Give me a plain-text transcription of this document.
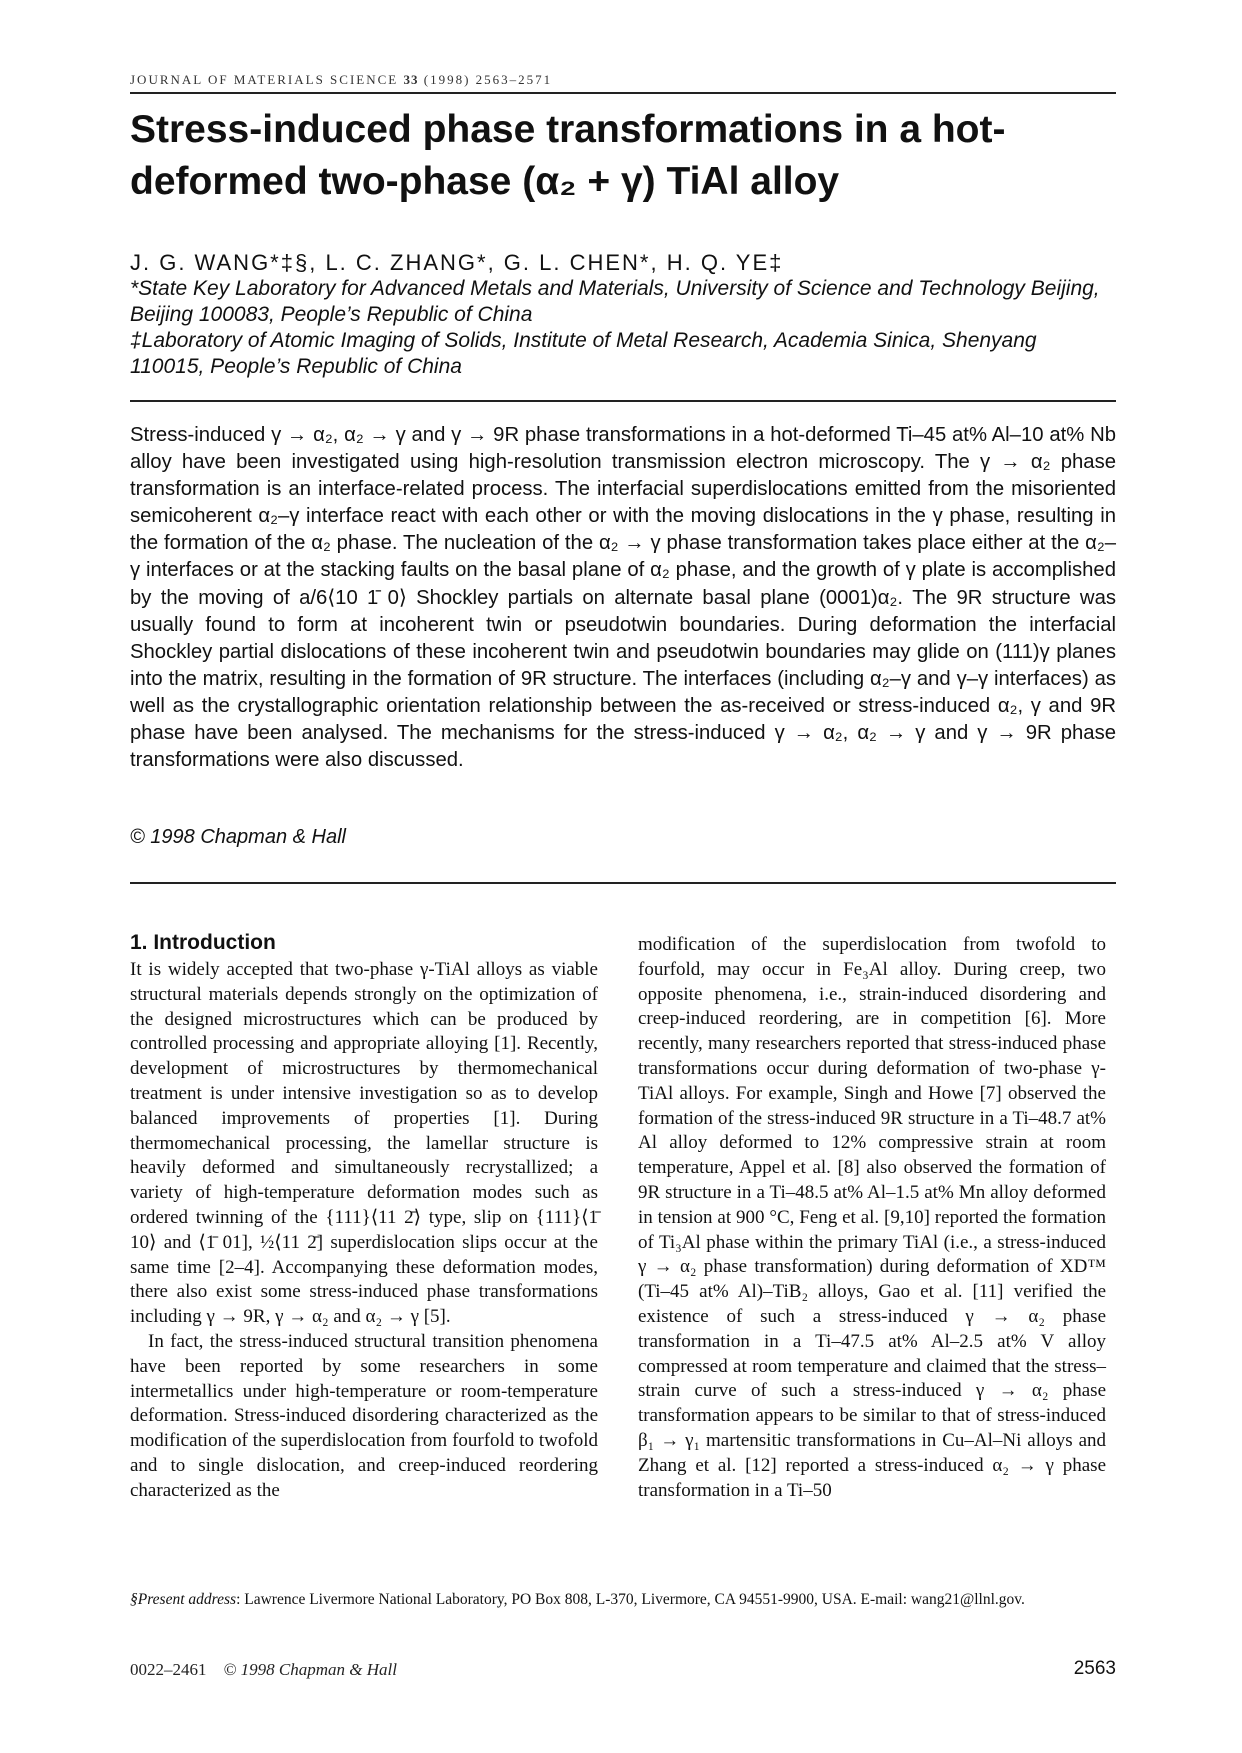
JOURNAL OF MATERIALS SCIENCE 33 (1998) 2563–2571
Stress-induced phase transformations in a hot-
deformed two-phase (α₂ + γ) TiAl alloy
J. G. WANG*‡§, L. C. ZHANG*, G. L. CHEN*, H. Q. YE‡
*State Key Laboratory for Advanced Metals and Materials, University of Science and Technology Beijing, Beijing 100083, People’s Republic of China
‡Laboratory of Atomic Imaging of Solids, Institute of Metal Research, Academia Sinica, Shenyang 110015, People’s Republic of China

Stress-induced γ → α₂, α₂ → γ and γ → 9R phase transformations in a hot-deformed Ti–45 at% Al–10 at% Nb alloy have been investigated using high-resolution transmission electron microscopy. The γ → α₂ phase transformation is an interface-related process. The interfacial superdislocations emitted from the misoriented semicoherent α₂–γ interface react with each other or with the moving dislocations in the γ phase, resulting in the formation of the α₂ phase. The nucleation of the α₂ → γ phase transformation takes place either at the α₂–γ interfaces or at the stacking faults on the basal plane of α₂ phase, and the growth of γ plate is accomplished by the moving of a/6⟨10 1̄ 0⟩ Shockley partials on alternate basal plane (0001)α₂. The 9R structure was usually found to form at incoherent twin or pseudotwin boundaries. During deformation the interfacial Shockley partial dislocations of these incoherent twin and pseudotwin boundaries may glide on (111)γ planes into the matrix, resulting in the formation of 9R structure. The interfaces (including α₂–γ and γ–γ interfaces) as well as the crystallographic orientation relationship between the as-received or stress-induced α₂, γ and 9R phase have been analysed. The mechanisms for the stress-induced γ → α₂, α₂ → γ and γ → 9R phase transformations were also discussed.

© 1998 Chapman & Hall
1. Introduction

It is widely accepted that two-phase γ-TiAl alloys as viable structural materials depends strongly on the optimization of the designed microstructures which can be produced by controlled processing and appropriate alloying [1]. Recently, development of microstructures by thermomechanical treatment is under intensive investigation so as to develop balanced improvements of properties [1]. During thermomechanical processing, the lamellar structure is heavily deformed and simultaneously recrystallized; a variety of high-temperature deformation modes such as ordered twinning of the {111}⟨11 2̄⟩ type, slip on {111}⟨1̄ 10⟩ and ⟨1̄ 01], ½⟨11 2̄] superdislocation slips occur at the same time [2–4]. Accompanying these deformation modes, there also exist some stress-induced phase transformations including γ → 9R, γ → α₂ and α₂ → γ [5].

In fact, the stress-induced structural transition phenomena have been reported by some researchers in some intermetallics under high-temperature or room-temperature deformation. Stress-induced disordering characterized as the modification of the superdislocation from fourfold to twofold and to single dislocation, and creep-induced reordering characterized as the

modification of the superdislocation from twofold to fourfold, may occur in Fe₃Al alloy. During creep, two opposite phenomena, i.e., strain-induced disordering and creep-induced reordering, are in competition [6]. More recently, many researchers reported that stress-induced phase transformations occur during deformation of two-phase γ-TiAl alloys. For example, Singh and Howe [7] observed the formation of the stress-induced 9R structure in a Ti–48.7 at% Al alloy deformed to 12% compressive strain at room temperature, Appel et al. [8] also observed the formation of 9R structure in a Ti–48.5 at% Al–1.5 at% Mn alloy deformed in tension at 900 °C, Feng et al. [9,10] reported the formation of Ti₃Al phase within the primary TiAl (i.e., a stress-induced γ → α₂ phase transformation) during deformation of XD™ (Ti–45 at% Al)–TiB₂ alloys, Gao et al. [11] verified the existence of such a stress-induced γ → α₂ phase transformation in a Ti–47.5 at% Al–2.5 at% V alloy compressed at room temperature and claimed that the stress–strain curve of such a stress-induced γ → α₂ phase transformation appears to be similar to that of stress-induced β₁ → γ₁ martensitic transformations in Cu–Al–Ni alloys and Zhang et al. [12] reported a stress-induced α₂ → γ phase transformation in a Ti–50

§Present address: Lawrence Livermore National Laboratory, PO Box 808, L-370, Livermore, CA 94551-9900, USA. E-mail: wang21@llnl.gov.
0022–2461 © 1998 Chapman & Hall	2563
